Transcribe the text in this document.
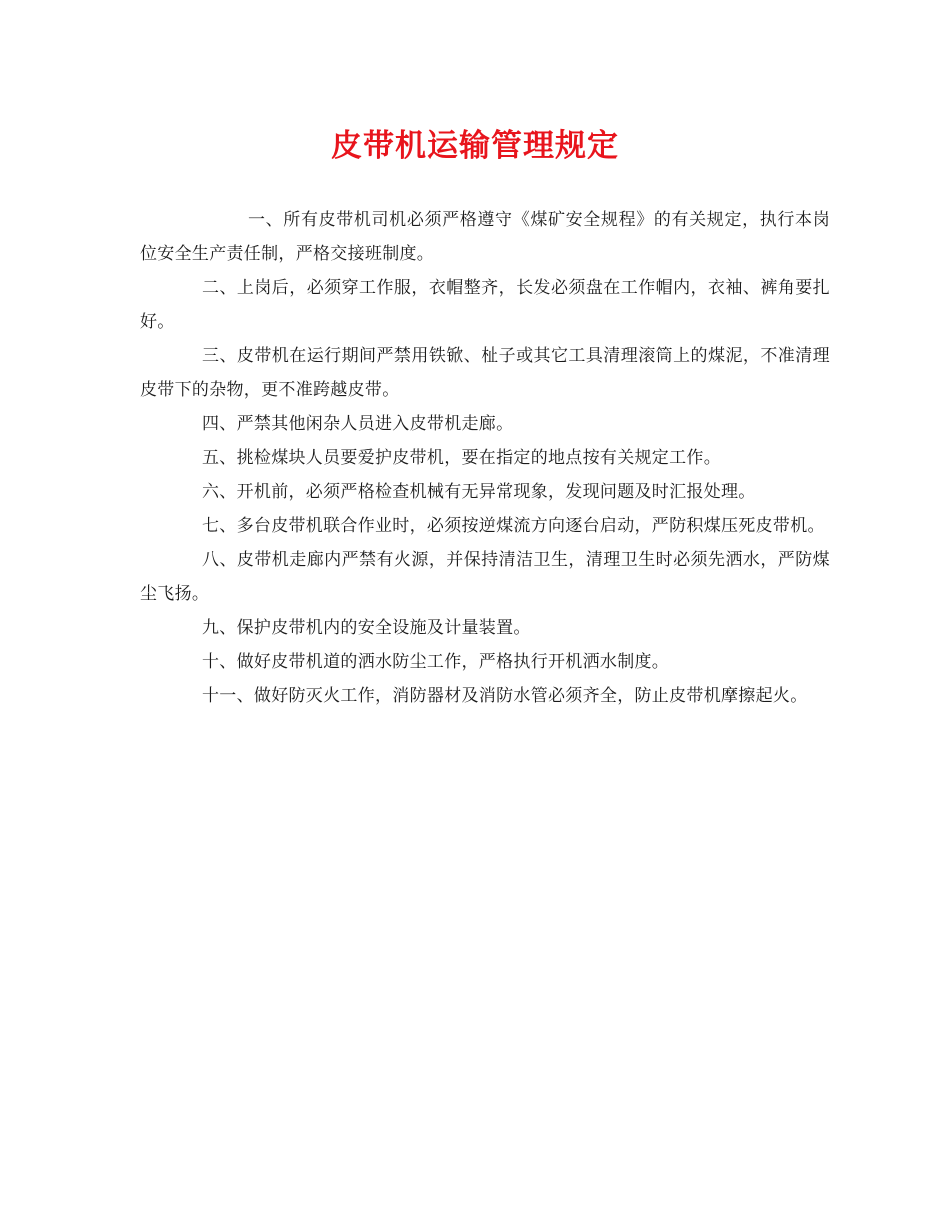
皮带机运输管理规定

一、所有皮带机司机必须严格遵守《煤矿安全规程》的有关规定，执行本岗位安全生产责任制，严格交接班制度。

二、上岗后，必须穿工作服，衣帽整齐，长发必须盘在工作帽内，衣袖、裤角要扎好。

三、皮带机在运行期间严禁用铁锨、杫子或其它工具清理滚筒上的煤泥，不准清理皮带下的杂物，更不准跨越皮带。

四、严禁其他闲杂人员进入皮带机走廊。

五、挑检煤块人员要爱护皮带机，要在指定的地点按有关规定工作。

六、开机前，必须严格检查机械有无异常现象，发现问题及时汇报处理。

七、多台皮带机联合作业时，必须按逆煤流方向逐台启动，严防积煤压死皮带机。

八、皮带机走廊内严禁有火源，并保持清洁卫生，清理卫生时必须先洒水，严防煤尘飞扬。

九、保护皮带机内的安全设施及计量装置。

十、做好皮带机道的洒水防尘工作，严格执行开机洒水制度。

十一、做好防灭火工作，消防器材及消防水管必须齐全，防止皮带机摩擦起火。
